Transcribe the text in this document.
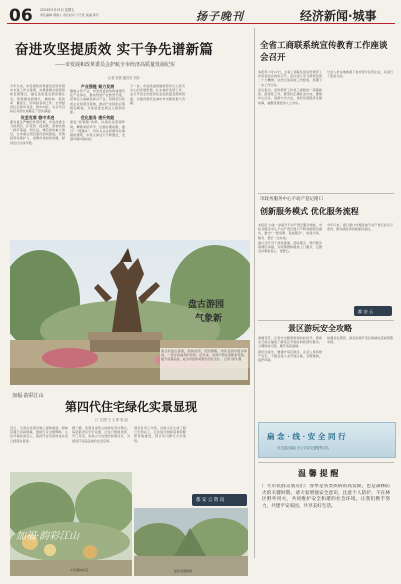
06 2024年3月15日 星期五
责任编辑 谭春人 责任校对 方艺佳 美编 黄芳	扬子晚刊	经济新闻·城事
奋进攻坚提质效 实干争先谱新篇
——市发展和改革委员会护航全市经济高质量发展纪实
记者 张晨 通讯员 刘东

今年以来，市发展和改革委员会坚持稳中求进工作总基调，完整准确全面贯彻新发展理念，锚定高质量发展首要任务，统筹推进稳增长、调结构、促改革、惠民生、防风险各项工作，全市经济运行稳中有进、稳中向好，为全年目标任务的实现奠定了坚实基础。

攻坚克难 稳中求进

面对复杂严峻的外部环境，市发改委全力抓项目、扩投资、促消费，谋划实施一批打基础、利长远、增后劲的重大项目，全市重点项目建设加快推进，有效投资持续扩大，消费市场加快回暖，经济运行总体平稳。

产业强链 聚力发展

聚焦主导产业，市发改委加快构建现代化产业体系，推动传统产业转型升级，培育壮大战略性新兴产业，积极招引优质企业和项目落地，推动产业链供应链稳定畅通，为高质量发展注入强劲动能。

优化服务 提升效能

深化“放管服”改革，持续优化营商环境，精简审批环节，压缩办理时限，推行“一网通办”，切实为企业和群众办事提供便利，市场主体活力不断激发，发展环境持续向好。

下一步，市发改委将继续坚持以人民为中心的发展思想，扎实做好各项工作，奋力开创全市经济社会高质量发展新局面，为建设现代化城市作出新的更大贡献。

盘古游园
气象新
春日的盘古游园，绿树成荫，花团锦簇，市民在园中散步休闲，一派生机盎然的景象。近年来，该园不断完善配套设施，提升景观品质，成为市民休闲娱乐的好去处。 记者 刘洋 摄
加福·韵彩江山
第四代住宅绿化实景显现
口 文/图 王 文 彬 张 丽

近日，记者在该项目施工现场看到，园林景观已初具规模，绿树红花交相辉映，小区环境优美宜人，第四代住宅的绿化实景已经逐步显现。

据了解，该项目采用立体绿化设计理念，每层都设有空中花园，让住户推窗见绿、开门见景，实现人与自然的和谐共生，为居民打造高品质的生活空间。

项目负责人介绍，目前小区主体工程已全部完工，正在进行园林景观和配套设施建设，预计年内即可交付使用。

都 安 云 资 讯
加福·韵彩江山
小区园林实景	绿化景观效果
全省工商联系统宣传教育工作座谈会召开

本报讯 3月12日，全省工商联系统宣传教育工作座谈会在我市召开，会议深入学习贯彻党的二十大精神，总结交流各地工作经验，部署下一步工作任务。

会议指出，宣传教育工作是工商联的一项基础性、经常性工作，要坚持正确政治方向，聚焦中心任务，创新方式方法，讲好民营经济发展故事，凝聚民营经济人士共识。

与会人员实地参观了我市部分民营企业，并进行了座谈交流。

市政务服务中心不动产登记窗口
创新服务模式 优化服务流程

本报讯 为进一步提升不动产登记服务效能，市政务服务中心不动产登记窗口不断创新服务模式，推出“一窗受理、集成服务”，实现交易、税务、登记一次办结。

窗口还开设了绿色通道、延时服务、预约服务等便民举措，为特殊群体提供上门服务，让群众办事更省心、更舒心。

今年以来，窗口累计办理各类不动产登记业务万余件，群众满意率持续保持高位。

都 安 云
景区游玩安全攻略

春暖花开，正是外出踏青游玩的好时节。游客出行前应提前了解景区开放时间和预约要求，合理规划行程，避开客流高峰。

游玩过程中，要遵守景区秩序，注意人身和财产安全，不随意进入未开放区域，文明旅游，爱护环境。

如遇突发情况，请及时拨打景区救援电话或报警求助。

扁 念 · 线 · 安 全 同 行
市交通运输局 市公安局交通警察支队
温 馨 提 醒
广大市民群众朋友们：春季是各类疾病的高发期，也是森林防火的关键时期。请大家增强安全意识，注意个人防护，不在林区野外用火，共同维护安全和谐的社会环境。让我们携手努力，共建平安家园，共享美好生活。
